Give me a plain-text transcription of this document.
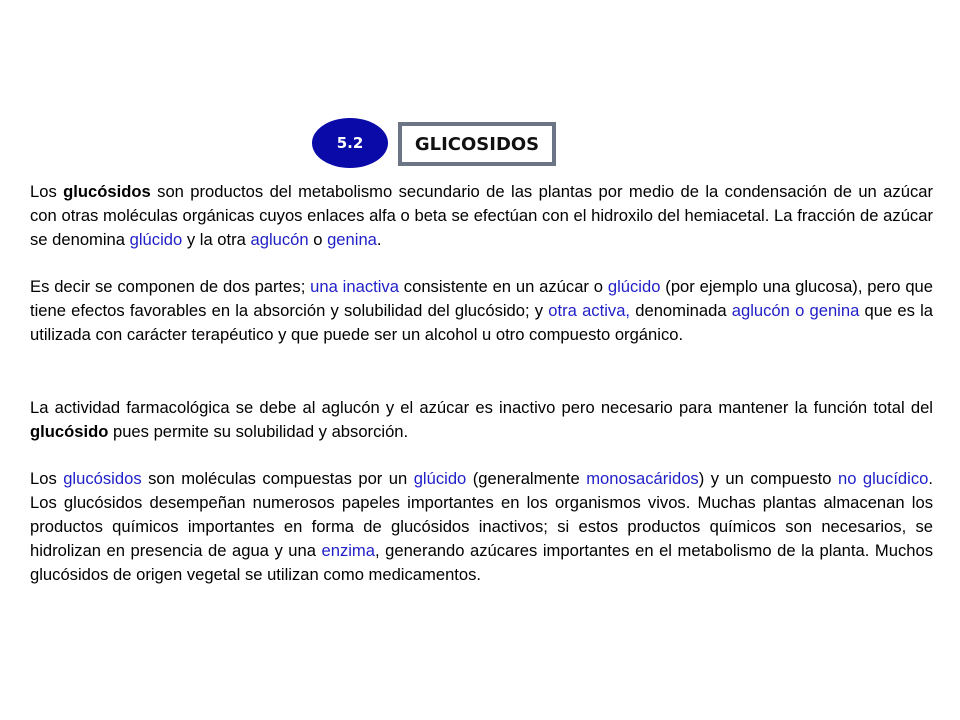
5.2	GLICOSIDOS

Los glucósidos son productos del metabolismo secundario de las plantas por medio de la condensación de un azúcar con otras moléculas orgánicas cuyos enlaces alfa o beta se efectúan con el hidroxilo del hemiacetal. La fracción de azúcar se denomina glúcido y la otra aglucón o genina.

Es decir se componen de dos partes; una inactiva consistente en un azúcar o glúcido (por ejemplo una glucosa), pero que tiene efectos favorables en la absorción y solubilidad del glucósido; y otra activa, denominada aglucón o genina que es la utilizada con carácter terapéutico y que puede ser un alcohol u otro compuesto orgánico.

La actividad farmacológica se debe al aglucón y el azúcar es inactivo pero necesario para mantener la función total del glucósido pues permite su solubilidad y absorción.

Los glucósidos son moléculas compuestas por un glúcido (generalmente monosacáridos) y un compuesto no glucídico. Los glucósidos desempeñan numerosos papeles importantes en los organismos vivos. Muchas plantas almacenan los productos químicos importantes en forma de glucósidos inactivos; si estos productos químicos son necesarios, se hidrolizan en presencia de agua y una enzima, generando azúcares importantes en el metabolismo de la planta. Muchos glucósidos de origen vegetal se utilizan como medicamentos.
